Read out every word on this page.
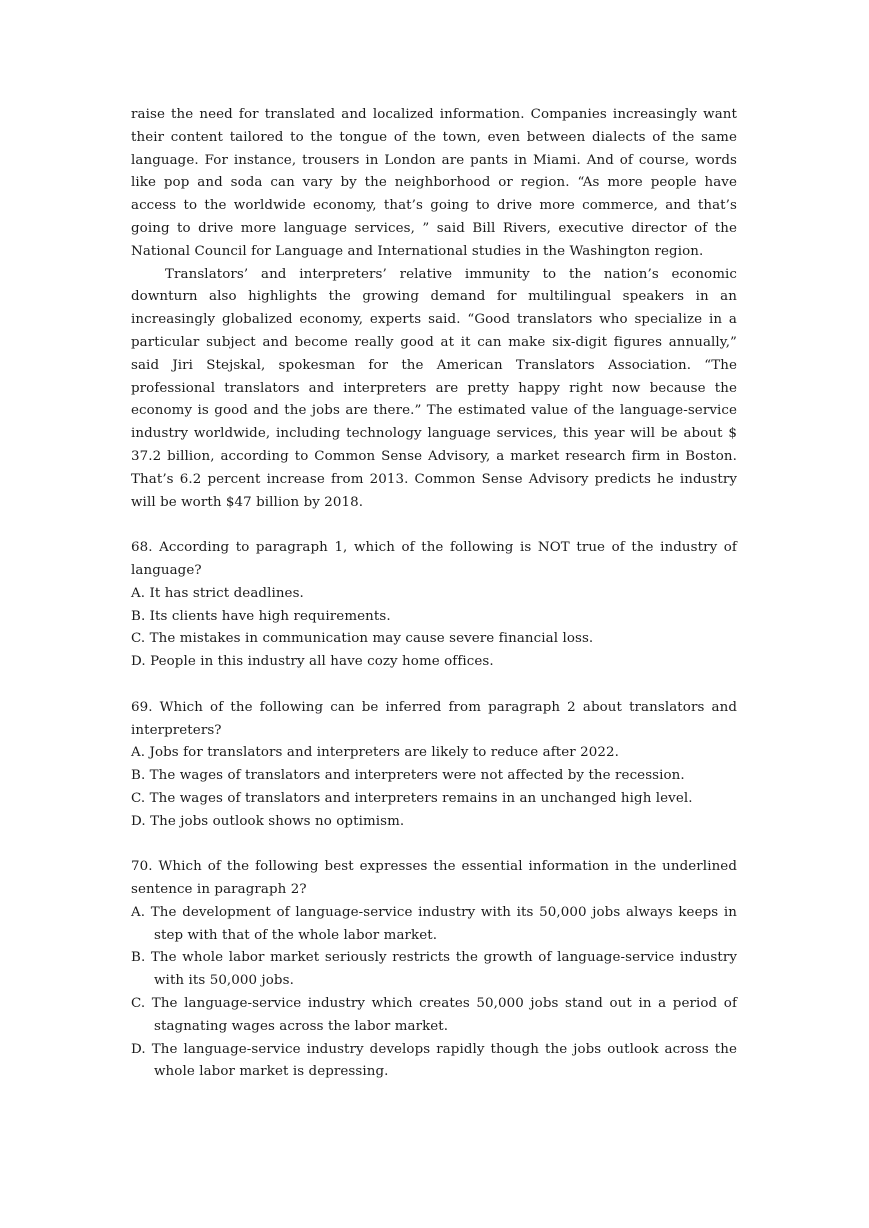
raise the need for translated and localized information. Companies increasingly want their content tailored to the tongue of the town, even between dialects of the same language. For instance, trousers in London are pants in Miami. And of course, words like pop and soda can vary by the neighborhood or region. “As more people have access to the worldwide economy, that’s going to drive more commerce, and that’s going to drive more language services, ” said Bill Rivers, executive director of the National Council for Language and International studies in the Washington region.

Translators’ and interpreters’ relative immunity to the nation’s economic downturn also highlights the growing demand for multilingual speakers in an increasingly globalized economy, experts said. “Good translators who specialize in a particular subject and become really good at it can make six-digit figures annually,” said Jiri Stejskal, spokesman for the American Translators Association. “The professional translators and interpreters are pretty happy right now because the economy is good and the jobs are there.” The estimated value of the language-service industry worldwide, including technology language services, this year will be about $ 37.2 billion, according to Common Sense Advisory, a market research firm in Boston. That’s 6.2 percent increase from 2013. Common Sense Advisory predicts he industry will be worth $47 billion by 2018.

68. According to paragraph 1, which of the following is NOT true of the industry of language?

A. It has strict deadlines.

B. Its clients have high requirements.

C. The mistakes in communication may cause severe financial loss.

D. People in this industry all have cozy home offices.

69. Which of the following can be inferred from paragraph 2 about translators and interpreters?

A. Jobs for translators and interpreters are likely to reduce after 2022.

B. The wages of translators and interpreters were not affected by the recession.

C. The wages of translators and interpreters remains in an unchanged high level.

D. The jobs outlook shows no optimism.

70. Which of the following best expresses the essential information in the underlined sentence in paragraph 2?

A. The development of language-service industry with its 50,000 jobs always keeps in step with that of the whole labor market.

B. The whole labor market seriously restricts the growth of language-service industry with its 50,000 jobs.

C. The language-service industry which creates 50,000 jobs stand out in a period of stagnating wages across the labor market.

D. The language-service industry develops rapidly though the jobs outlook across the whole labor market is depressing.
